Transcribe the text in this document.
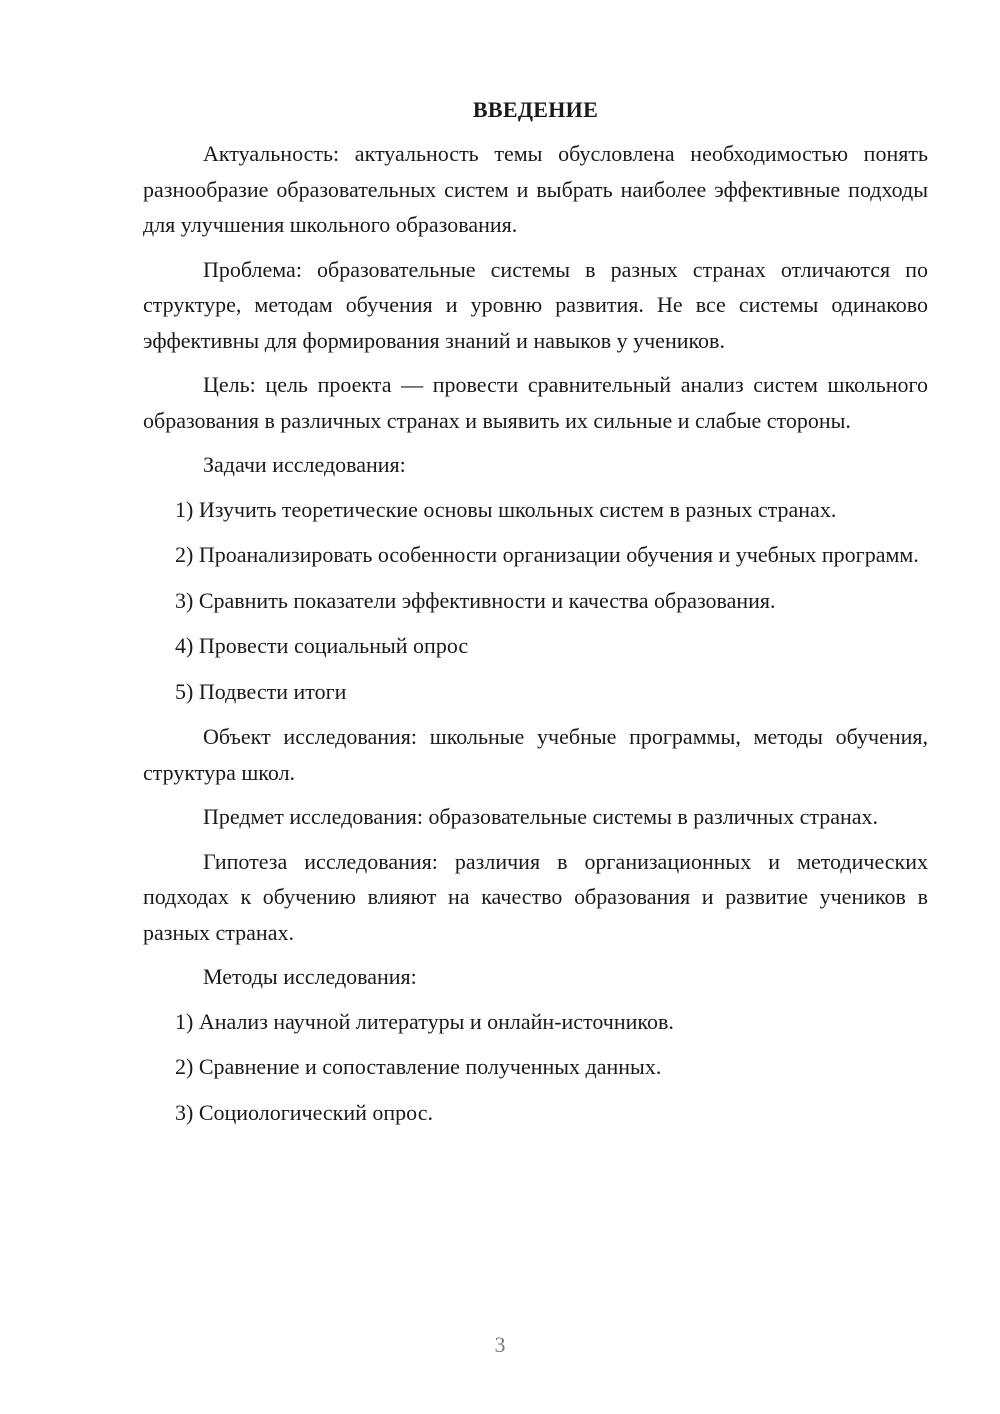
ВВЕДЕНИЕ

Актуальность: актуальность темы обусловлена необходимостью понять разнообразие образовательных систем и выбрать наиболее эффективные подходы для улучшения школьного образования.

Проблема: образовательные системы в разных странах отличаются по структуре, методам обучения и уровню развития. Не все системы одинаково эффективны для формирования знаний и навыков у учеников.

Цель: цель проекта — провести сравнительный анализ систем школьного образования в различных странах и выявить их сильные и слабые стороны.

Задачи исследования:

1) Изучить теоретические основы школьных систем в разных странах.

2) Проанализировать особенности организации обучения и учебных программ.

3) Сравнить показатели эффективности и качества образования.

4) Провести социальный опрос

5) Подвести итоги

Объект исследования: школьные учебные программы, методы обучения, структура школ.

Предмет исследования: образовательные системы в различных странах.

Гипотеза исследования: различия в организационных и методических подходах к обучению влияют на качество образования и развитие учеников в разных странах.

Методы исследования:

1) Анализ научной литературы и онлайн-источников.

2) Сравнение и сопоставление полученных данных.

3) Социологический опрос.

3
